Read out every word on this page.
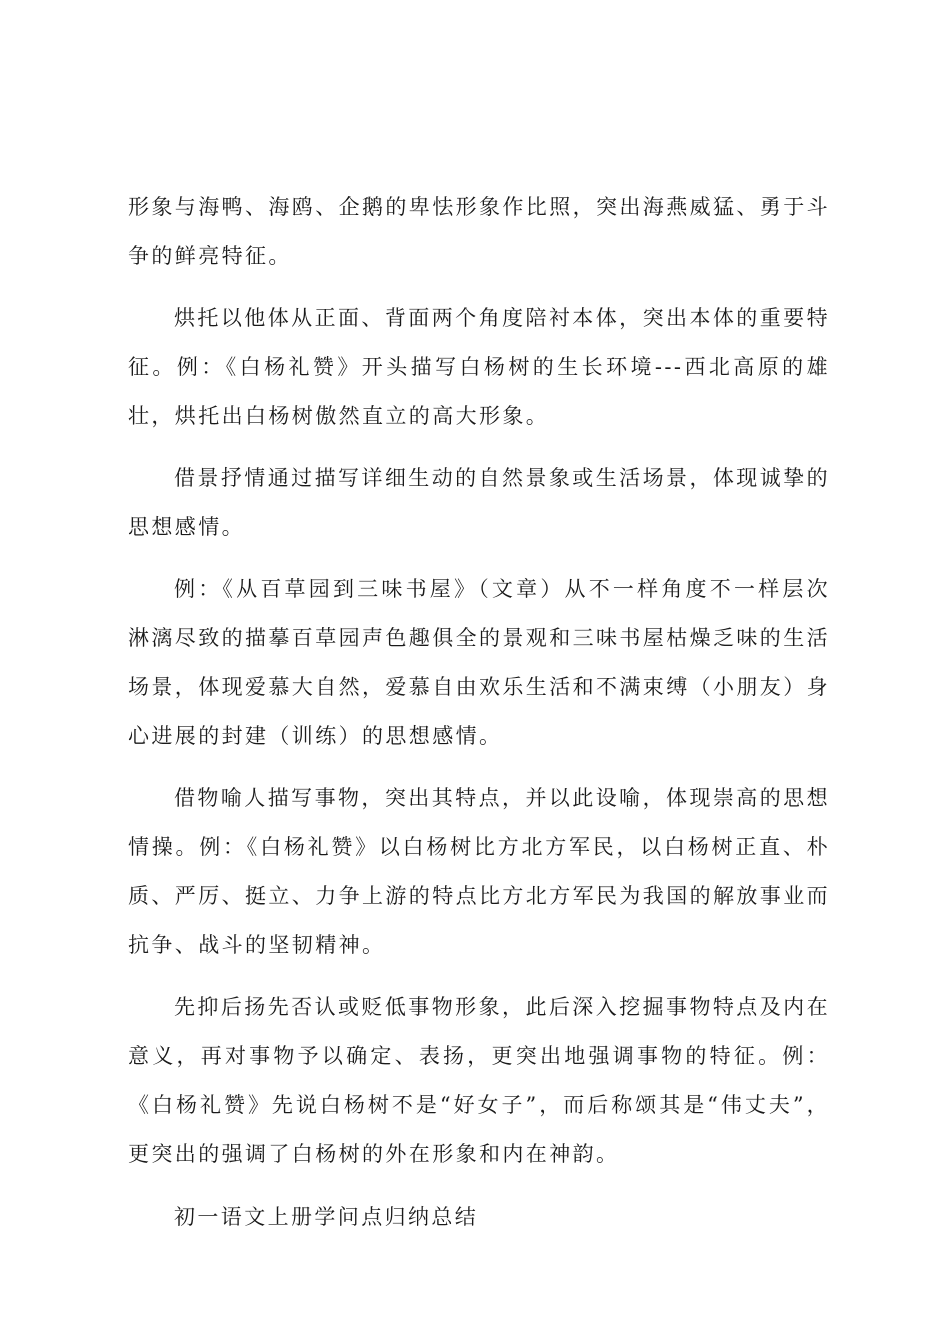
形象与海鸭、海鸥、企鹅的卑怯形象作比照，突出海燕威猛、勇于斗争的鲜亮特征。

烘托以他体从正面、背面两个角度陪衬本体，突出本体的重要特征。例：《白杨礼赞》开头描写白杨树的生长环境---西北高原的雄壮，烘托出白杨树傲然直立的高大形象。

借景抒情通过描写详细生动的自然景象或生活场景，体现诚挚的思想感情。

例：《从百草园到三味书屋》（文章）从不一样角度不一样层次淋漓尽致的描摹百草园声色趣俱全的景观和三味书屋枯燥乏味的生活场景，体现爱慕大自然，爱慕自由欢乐生活和不满束缚（小朋友）身心进展的封建（训练）的思想感情。

借物喻人描写事物，突出其特点，并以此设喻，体现崇高的思想情操。例：《白杨礼赞》以白杨树比方北方军民，以白杨树正直、朴质、严厉、挺立、力争上游的特点比方北方军民为我国的解放事业而抗争、战斗的坚韧精神。

先抑后扬先否认或贬低事物形象，此后深入挖掘事物特点及内在意义，再对事物予以确定、表扬，更突出地强调事物的特征。例：《白杨礼赞》先说白杨树不是“好女子”，而后称颂其是“伟丈夫”，更突出的强调了白杨树的外在形象和内在神韵。

初一语文上册学问点归纳总结
